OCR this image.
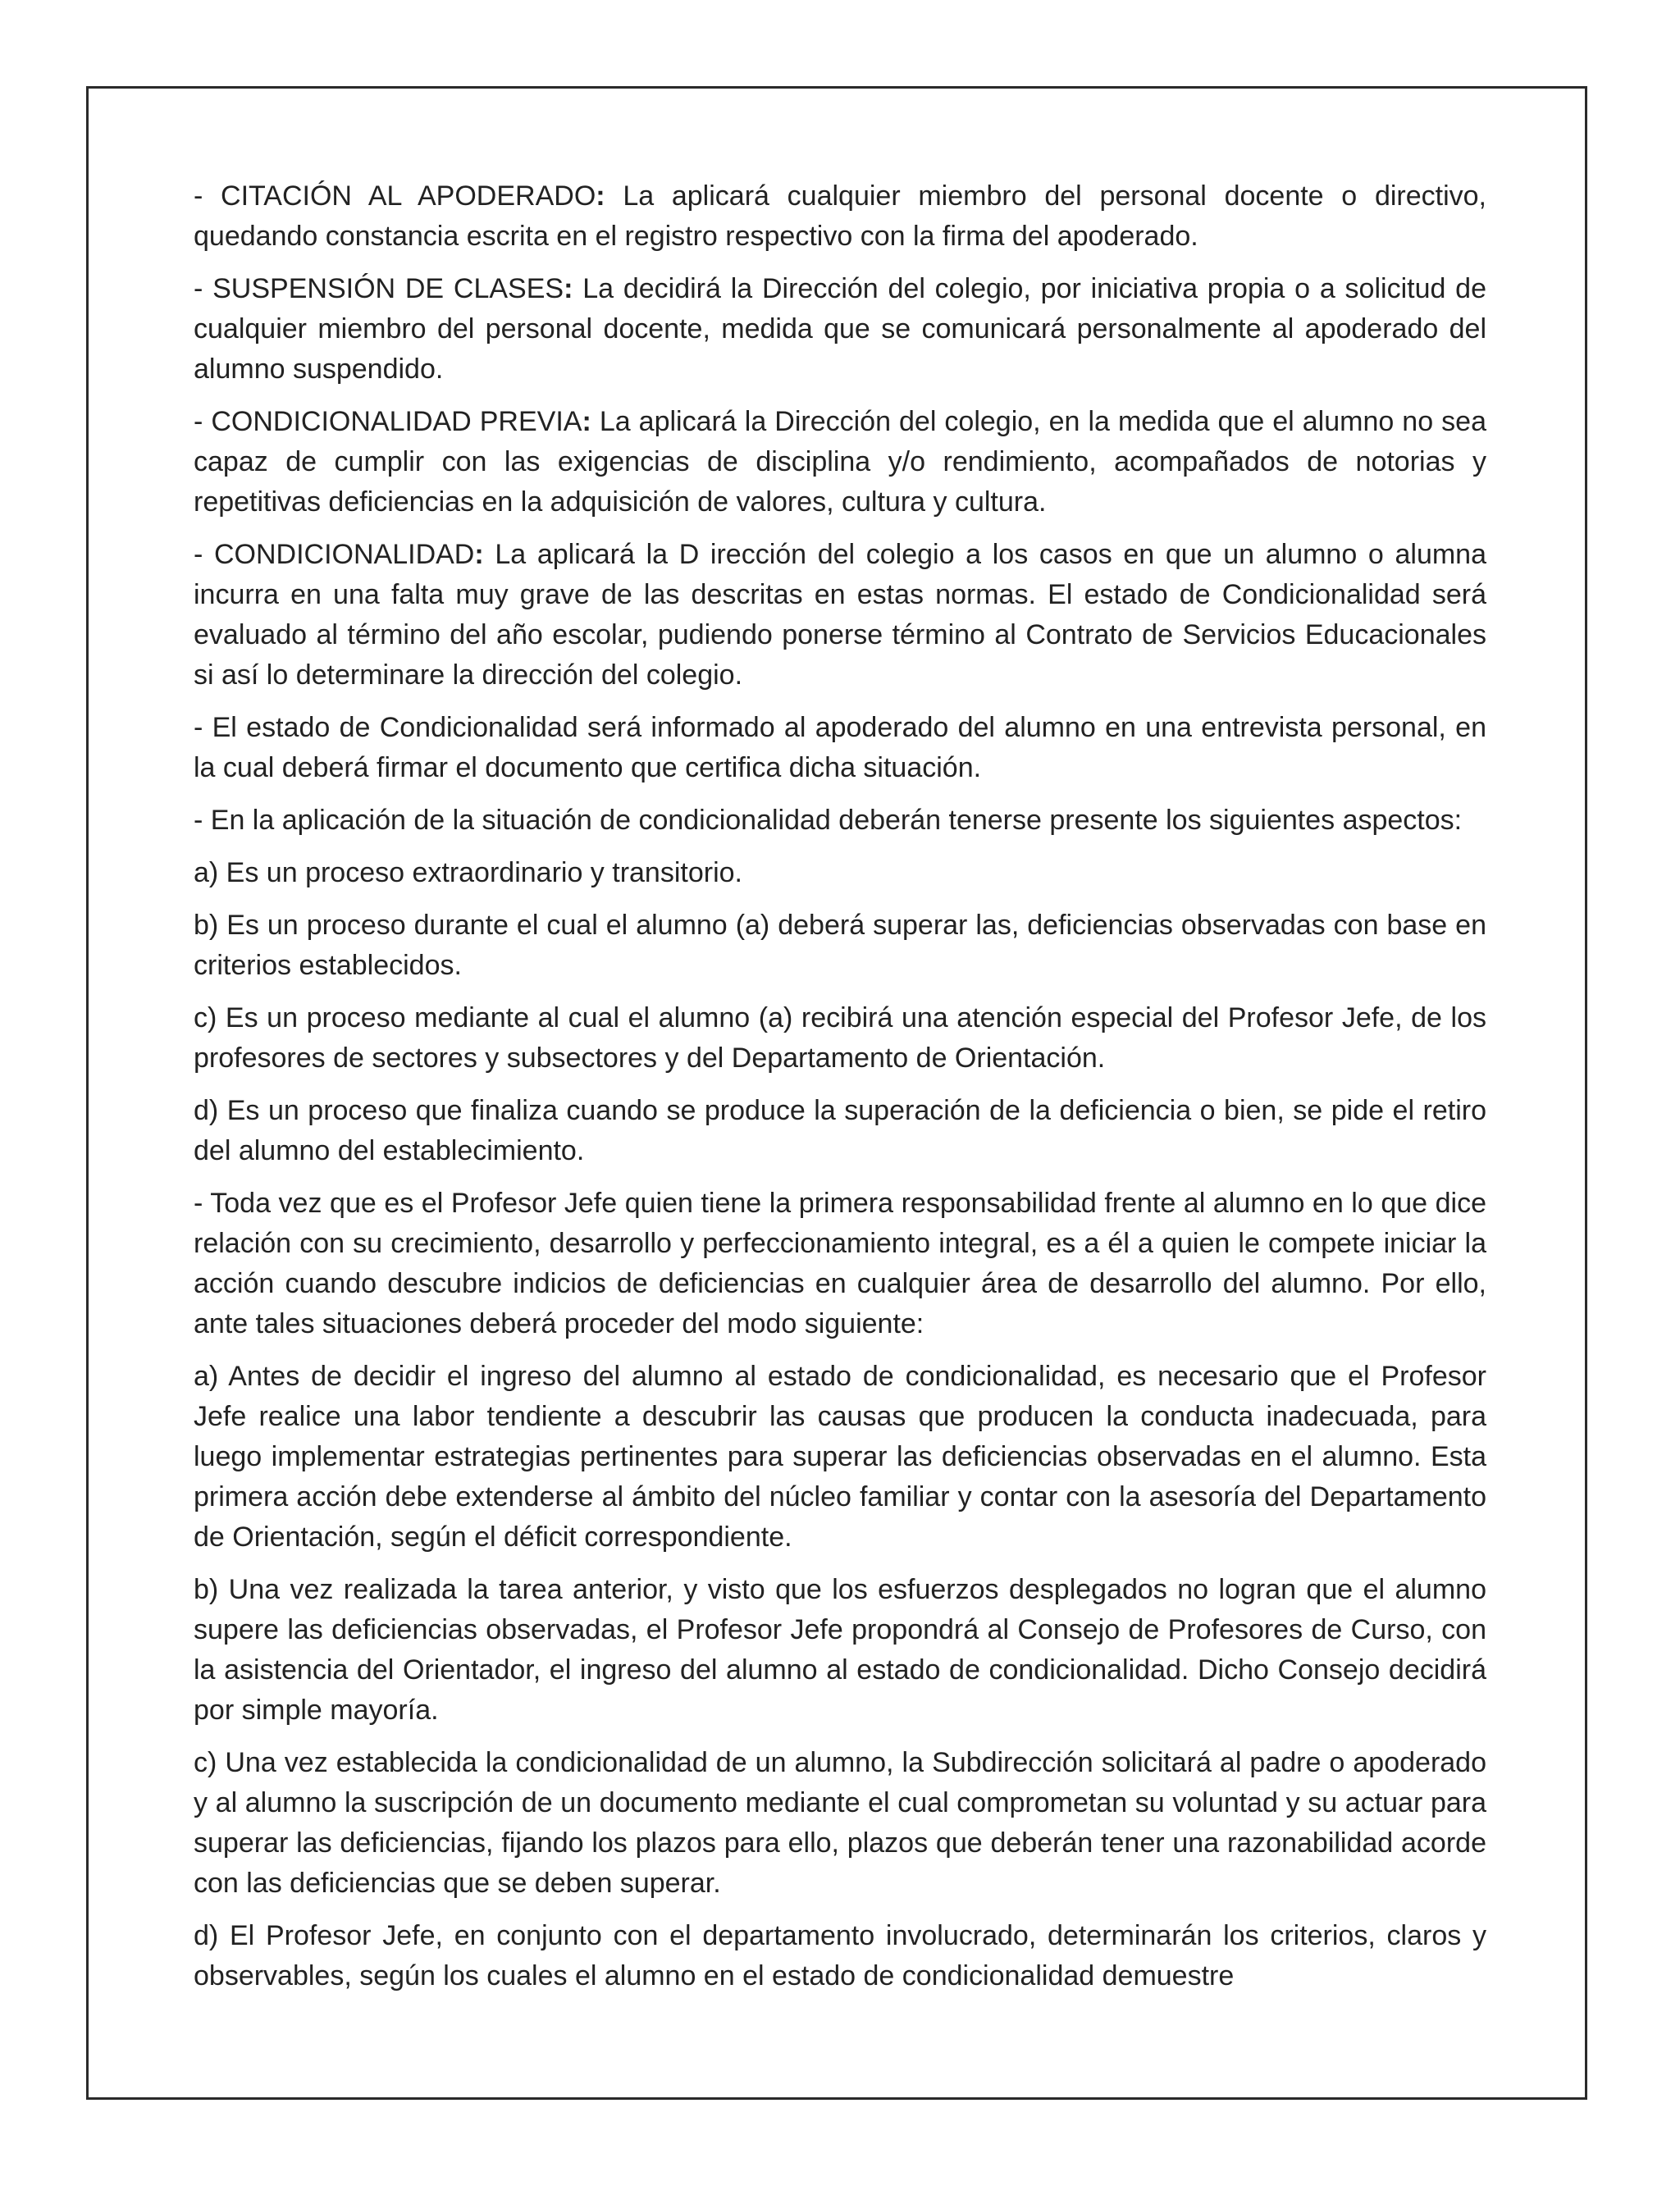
- CITACIÓN AL APODERADO: La aplicará cualquier miembro del personal docente o directivo, quedando constancia escrita en el registro respectivo con la firma del apoderado.

- SUSPENSIÓN DE CLASES: La decidirá la Dirección del colegio, por iniciativa propia o a solicitud de cualquier miembro del personal docente, medida que se comunicará personalmente al apoderado del alumno suspendido.

- CONDICIONALIDAD PREVIA: La aplicará la Dirección del colegio, en la medida que el alumno no sea capaz de cumplir con las exigencias de disciplina y/o rendimiento, acompañados de notorias y repetitivas deficiencias en la adquisición de valores, cultura y cultura.

- CONDICIONALIDAD: La aplicará la D irección del colegio a los casos en que un alumno o alumna incurra en una falta muy grave de las descritas en estas normas. El estado de Condicionalidad será evaluado al término del año escolar, pudiendo ponerse término al Contrato de Servicios Educacionales si así lo determinare la dirección del colegio.

- El estado de Condicionalidad será informado al apoderado del alumno en una entrevista personal, en la cual deberá firmar el documento que certifica dicha situación.

- En la aplicación de la situación de condicionalidad deberán tenerse presente los siguientes aspectos:

a) Es un proceso extraordinario y transitorio.

b) Es un proceso durante el cual el alumno (a) deberá superar las, deficiencias observadas con base en criterios establecidos.

c) Es un proceso mediante al cual el alumno (a) recibirá una atención especial del Profesor Jefe, de los profesores de sectores y subsectores y del Departamento de Orientación.

d) Es un proceso que finaliza cuando se produce la superación de la deficiencia o bien, se pide el retiro del alumno del establecimiento.

- Toda vez que es el Profesor Jefe quien tiene la primera responsabilidad frente al alumno en lo que dice relación con su crecimiento, desarrollo y perfeccionamiento integral, es a él a quien le compete iniciar la acción cuando descubre indicios de deficiencias en cualquier área de desarrollo del alumno. Por ello, ante tales situaciones deberá proceder del modo siguiente:

a) Antes de decidir el ingreso del alumno al estado de condicionalidad, es necesario que el Profesor Jefe realice una labor tendiente a descubrir las causas que producen la conducta inadecuada, para luego implementar estrategias pertinentes para superar las deficiencias observadas en el alumno. Esta primera acción debe extenderse al ámbito del núcleo familiar y contar con la asesoría del Departamento de Orientación, según el déficit correspondiente.

b) Una vez realizada la tarea anterior, y visto que los esfuerzos desplegados no logran que el alumno supere las deficiencias observadas, el Profesor Jefe propondrá al Consejo de Profesores de Curso, con la asistencia del Orientador, el ingreso del alumno al estado de condicionalidad. Dicho Consejo decidirá por simple mayoría.

c) Una vez establecida la condicionalidad de un alumno, la Subdirección solicitará al padre o apoderado y al alumno la suscripción de un documento mediante el cual comprometan su voluntad y su actuar para superar las deficiencias, fijando los plazos para ello, plazos que deberán tener una razonabilidad acorde con las deficiencias que se deben superar.

d) El Profesor Jefe, en conjunto con el departamento involucrado, determinarán los criterios, claros y observables, según los cuales el alumno en el estado de condicionalidad demuestre
